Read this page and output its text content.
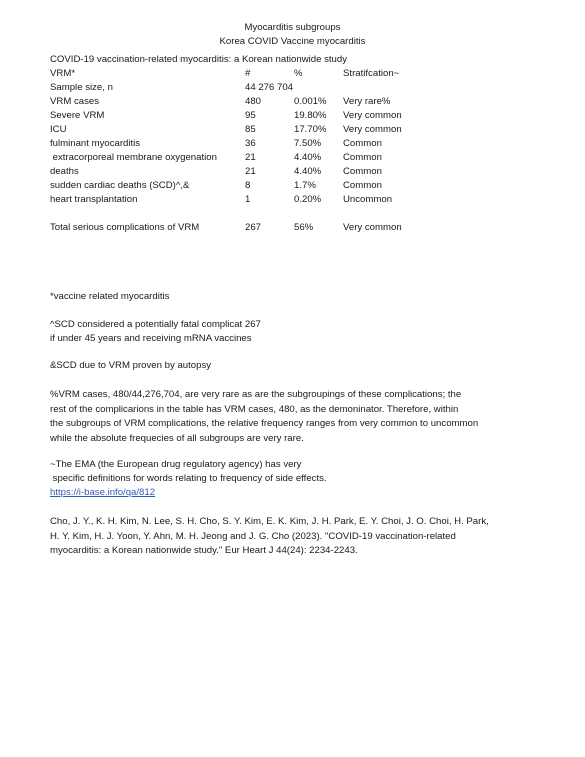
Myocarditis subgroups
Korea COVID Vaccine myocarditis
COVID-19 vaccination-related myocarditis: a Korean nationwide study
VRM*	#	%	Stratifcation~
Sample size, n	44 276 704
VRM cases	480	0.001% Very rare%
Severe VRM	95	19.80% Very common
ICU	85	17.70% Very common
fulminant myocarditis	36	7.50% Common
extracorporeal membrane oxygenation	21	4.40% Common
deaths	21	4.40% Common
sudden cardiac deaths (SCD)^,&	8	1.7%	Common
heart transplantation	1	0.20% Uncommon
Total serious complications of VRM	267	56%	Very common
*vaccine related myocarditis
^SCD considered a potentially fatal complicat 267
if under 45 years and receiving mRNA vaccines
&SCD due to VRM proven by autopsy
%VRM cases, 480/44,276,704, are very rare as are the subgroupings of these complications; the
rest of the complicarions in the table has VRM cases, 480, as the demoninator. Therefore, within
the subgroups of VRM complications, the relative frequency ranges from very common to uncommon
while the absolute frequecies of all subgroups are very rare.
~The EMA (the European drug regulatory agency) has very
specific definitions for words relating to frequency of side effects.
https://i-base.info/qa/812
Cho, J. Y., K. H. Kim, N. Lee, S. H. Cho, S. Y. Kim, E. K. Kim, J. H. Park, E. Y. Choi, J. O. Choi, H. Park,
H. Y. Kim, H. J. Yoon, Y. Ahn, M. H. Jeong and J. G. Cho (2023). "COVID-19 vaccination-related
myocarditis: a Korean nationwide study." Eur Heart J 44(24): 2234-2243.
